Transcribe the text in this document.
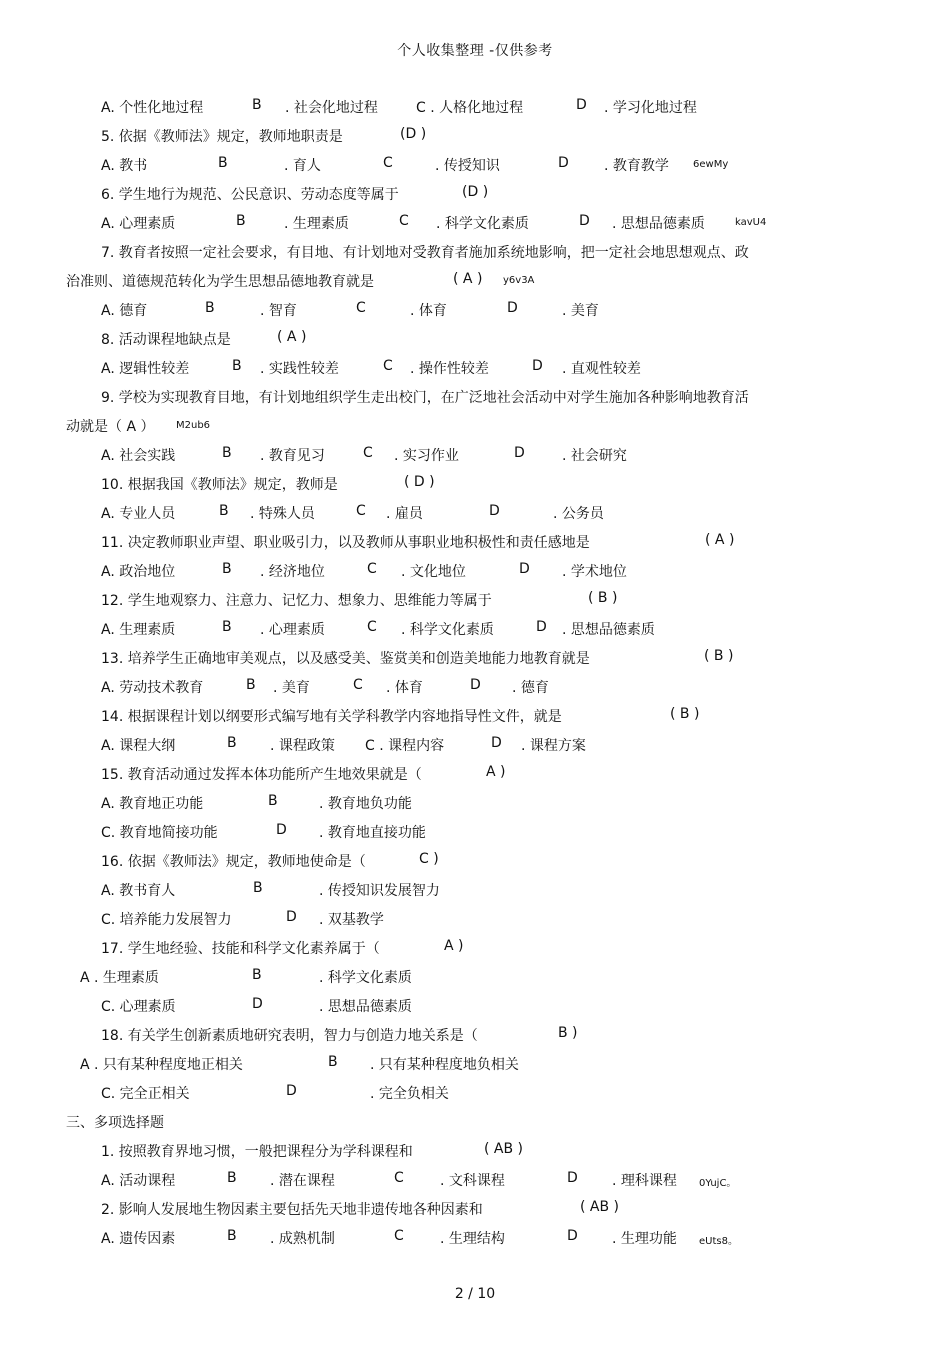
个人收集整理 -仅供参考
A. 个性化地过程	B . 社会化地过程	C . 人格化地过程	D . 学习化地过程
5. 依据《教师法》规定，教师地职责是	(D )
A. 教书	B	. 育人	C	. 传授知识	D	. 教育教学 6ewMy
6. 学生地行为规范、公民意识、劳动态度等属于	(D )
A. 心理素质	B	. 生理素质	C . 科学文化素质	D . 思想品德素质	kavU4
7. 教育者按照一定社会要求，有目地、有计划地对受教育者施加系统地影响，把一定社会地思想观点、政
治准则、道德规范转化为学生思想品德地教育就是	( A ) y6v3A
A. 德育	B	. 智育	C	. 体育	D	. 美育
8. 活动课程地缺点是	( A )
A. 逻辑性较差	B . 实践性较差	C . 操作性较差	D . 直观性较差
9. 学校为实现教育目地，有计划地组织学生走出校门，在广泛地社会活动中对学生施加各种影响地教育活
动就是（ A ） M2ub6
A. 社会实践	B . 教育见习	C . 实习作业	D	. 社会研究
10. 根据我国《教师法》规定，教师是	( D )
A. 专业人员	B . 特殊人员	C . 雇员	D	. 公务员
11. 决定教师职业声望、职业吸引力，以及教师从事职业地积极性和责任感地是	( A )
A. 政治地位	B . 经济地位	C . 文化地位	D . 学术地位
12. 学生地观察力、注意力、记忆力、想象力、思维能力等属于	( B )
A. 生理素质	B . 心理素质	C . 科学文化素质	D . 思想品德素质
13. 培养学生正确地审美观点，以及感受美、鉴赏美和创造美地能力地教育就是	( B )
A. 劳动技术教育	B . 美育	C . 体育	D . 德育
14. 根据课程计划以纲要形式编写地有关学科教学内容地指导性文件，就是	( B )
A. 课程大纲	B . 课程政策 C . 课程内容	D . 课程方案
15. 教育活动通过发挥本体功能所产生地效果就是（	A )
A. 教育地正功能	B	. 教育地负功能
C. 教育地简接功能	D . 教育地直接功能
16. 依据《教师法》规定，教师地使命是（	C )
A. 教书育人	B	. 传授知识发展智力
C. 培养能力发展智力	D . 双基教学
17. 学生地经验、技能和科学文化素养属于（	A )
A . 生理素质	B	. 科学文化素质
C. 心理素质	D	. 思想品德素质
18. 有关学生创新素质地研究表明，智力与创造力地关系是（	B )
A . 只有某种程度地正相关	B . 只有某种程度地负相关
C. 完全正相关	D	. 完全负相关
三、多项选择题
1. 按照教育界地习惯，一般把课程分为学科课程和	( AB )
A. 活动课程	B . 潜在课程	C	. 文科课程	D . 理科课程 0YujC。
2. 影响人发展地生物因素主要包括先天地非遗传地各种因素和	( AB )
A. 遗传因素	B . 成熟机制	C	. 生理结构	D . 生理功能 eUts8。
2 / 10
